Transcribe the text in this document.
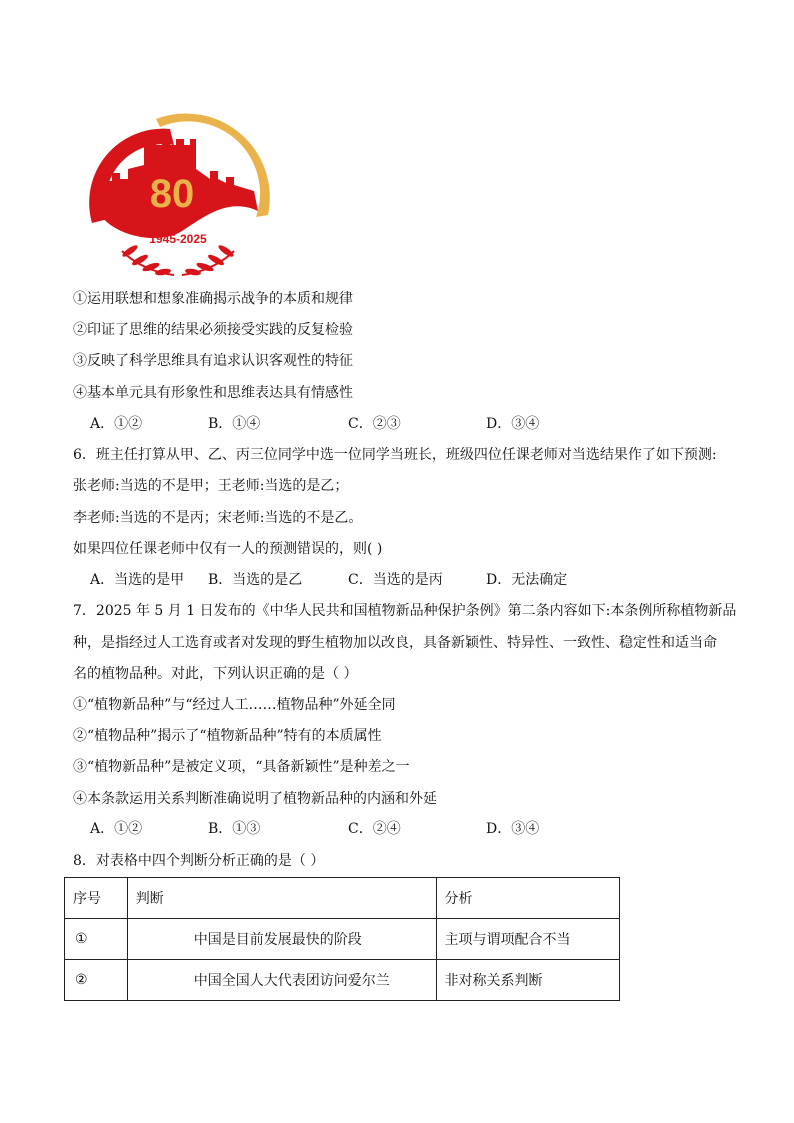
80
1945-2025
①运用联想和想象准确揭示战争的本质和规律
②印证了思维的结果必须接受实践的反复检验
③反映了科学思维具有追求认识客观性的特征
④基本单元具有形象性和思维表达具有情感性
A．①②	B．①④	C．②③	D．③④
6．班主任打算从甲、乙、丙三位同学中选一位同学当班长，班级四位任课老师对当选结果作了如下预测:
张老师:当选的不是甲；王老师:当选的是乙；
李老师:当选的不是丙；宋老师:当选的不是乙。
如果四位任课老师中仅有一人的预测错误的，则( )
A．当选的是甲 B．当选的是乙	C．当选的是丙	D．无法确定
7．2025 年 5 月 1 日发布的《中华人民共和国植物新品种保护条例》第二条内容如下:本条例所称植物新品
种，是指经过人工选育或者对发现的野生植物加以改良，具备新颖性、特异性、一致性、稳定性和适当命
名的植物品种。对此，下列认识正确的是（ ）
①“植物新品种”与“经过人工……植物品种”外延全同
②“植物品种”揭示了“植物新品种”特有的本质属性
③“植物新品种”是被定义项，“具备新颖性”是种差之一
④本条款运用关系判断准确说明了植物新品种的内涵和外延
A．①②	B．①③	C．②④	D．③④
8．对表格中四个判断分析正确的是（ ）
序号	判断	分析
①	中国是目前发展最快的阶段	主项与谓项配合不当
②	中国全国人大代表团访问爱尔兰	非对称关系判断
